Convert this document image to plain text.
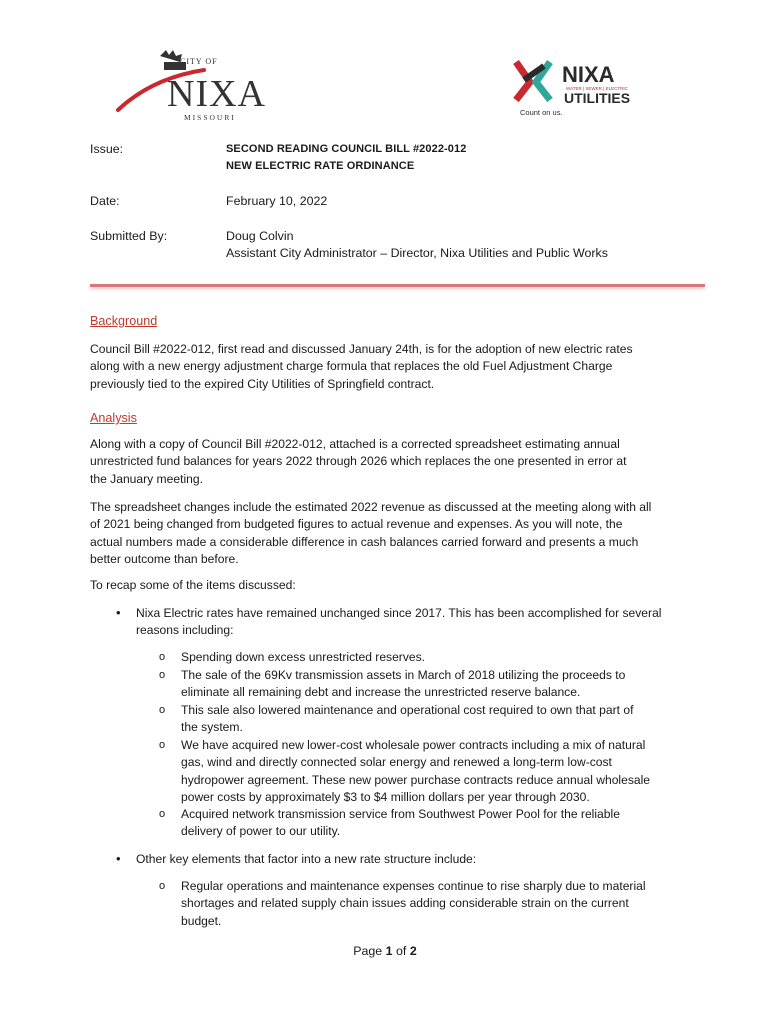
CITY OF
NIXA
MISSOURI
NIXA
WATER | SEWER | ELECTRIC
UTILITIES
Count on us.
Issue:	SECOND READING COUNCIL BILL #2022-012
NEW ELECTRIC RATE ORDINANCE
Date:	February 10, 2022
Submitted By:	Doug Colvin
Assistant City Administrator – Director, Nixa Utilities and Public Works
Background
Council Bill #2022-012, first read and discussed January 24th, is for the adoption of new electric rates
along with a new energy adjustment charge formula that replaces the old Fuel Adjustment Charge
previously tied to the expired City Utilities of Springfield contract.
Analysis
Along with a copy of Council Bill #2022-012, attached is a corrected spreadsheet estimating annual
unrestricted fund balances for years 2022 through 2026 which replaces the one presented in error at
the January meeting.
The spreadsheet changes include the estimated 2022 revenue as discussed at the meeting along with all
of 2021 being changed from budgeted figures to actual revenue and expenses. As you will note, the
actual numbers made a considerable difference in cash balances carried forward and presents a much
better outcome than before.
To recap some of the items discussed:
• Nixa Electric rates have remained unchanged since 2017. This has been accomplished for several
reasons including:
o Spending down excess unrestricted reserves.
o The sale of the 69Kv transmission assets in March of 2018 utilizing the proceeds to
eliminate all remaining debt and increase the unrestricted reserve balance.
o This sale also lowered maintenance and operational cost required to own that part of
the system.
o We have acquired new lower-cost wholesale power contracts including a mix of natural
gas, wind and directly connected solar energy and renewed a long-term low-cost
hydropower agreement. These new power purchase contracts reduce annual wholesale
power costs by approximately $3 to $4 million dollars per year through 2030.
o Acquired network transmission service from Southwest Power Pool for the reliable
delivery of power to our utility.
• Other key elements that factor into a new rate structure include:
o Regular operations and maintenance expenses continue to rise sharply due to material
shortages and related supply chain issues adding considerable strain on the current
budget.
Page 1 of 2
